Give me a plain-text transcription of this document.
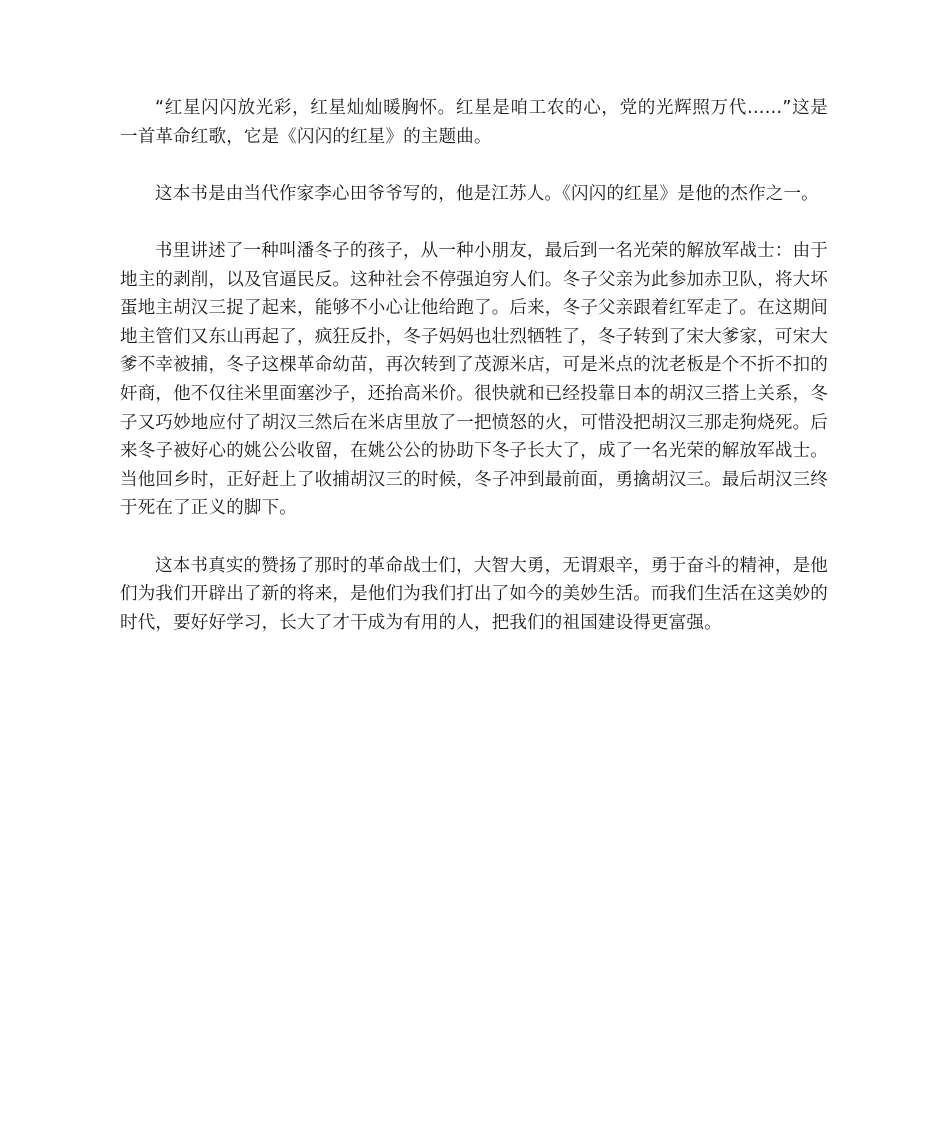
“红星闪闪放光彩，红星灿灿暖胸怀。红星是咱工农的心，党的光辉照万代……”这是一首革命红歌，它是《闪闪的红星》的主题曲。

这本书是由当代作家李心田爷爷写的，他是江苏人。《闪闪的红星》是他的杰作之一。

书里讲述了一种叫潘冬子的孩子，从一种小朋友，最后到一名光荣的解放军战士：由于地主的剥削，以及官逼民反。这种社会不停强迫穷人们。冬子父亲为此参加赤卫队，将大坏蛋地主胡汉三捉了起来，能够不小心让他给跑了。后来，冬子父亲跟着红军走了。在这期间地主管们又东山再起了，疯狂反扑，冬子妈妈也壮烈牺牲了，冬子转到了宋大爹家，可宋大爹不幸被捕，冬子这棵革命幼苗，再次转到了茂源米店，可是米点的沈老板是个不折不扣的奸商，他不仅往米里面塞沙子，还抬高米价。很快就和已经投靠日本的胡汉三搭上关系，冬子又巧妙地应付了胡汉三然后在米店里放了一把愤怒的火，可惜没把胡汉三那走狗烧死。后来冬子被好心的姚公公收留，在姚公公的协助下冬子长大了，成了一名光荣的解放军战士。当他回乡时，正好赶上了收捕胡汉三的时候，冬子冲到最前面，勇擒胡汉三。最后胡汉三终于死在了正义的脚下。

这本书真实的赞扬了那时的革命战士们，大智大勇，无谓艰辛，勇于奋斗的精神，是他们为我们开辟出了新的将来，是他们为我们打出了如今的美妙生活。而我们生活在这美妙的时代，要好好学习，长大了才干成为有用的人，把我们的祖国建设得更富强。
